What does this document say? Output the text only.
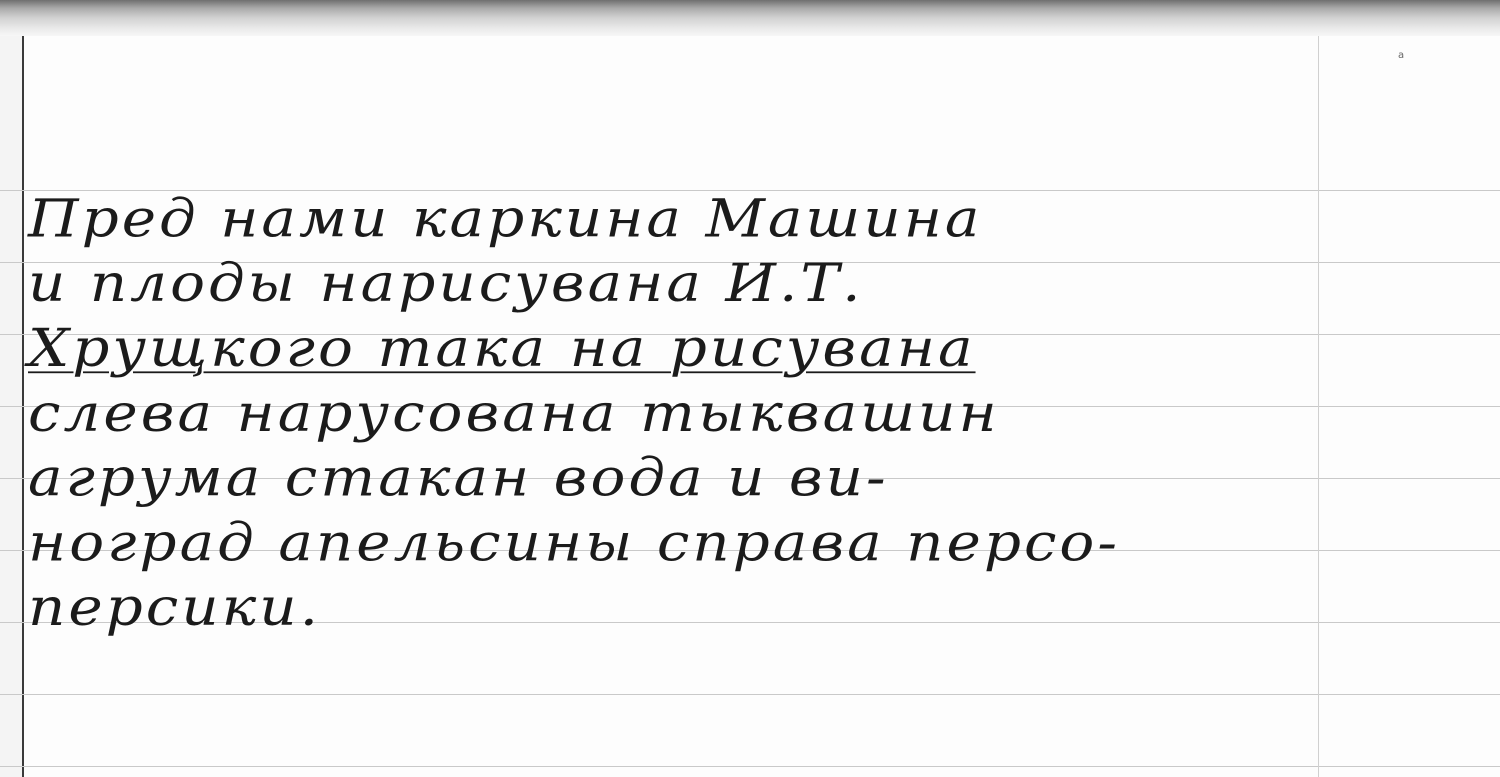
a
Пред нами каркина Машина
и плоды нарисувана И.Т.
Хрущкого така на рисувана
слева нарусована тыквашин
агрума стакан вода и ви-
ноград апельсины справа персо-
персики.
